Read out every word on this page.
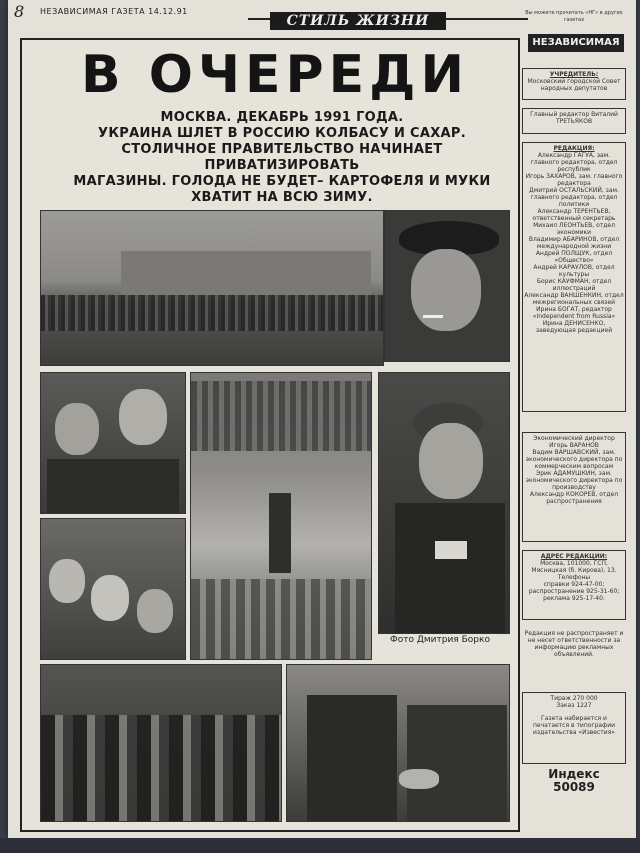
8 НЕЗАВИСИМАЯ ГАЗЕТА 14.12.91
СТИЛЬ ЖИЗНИ	Вы можете прочитать «НГ» в других газетах
В ОЧЕРЕДИ
МОСКВА. ДЕКАБРЬ 1991 ГОДА.
УКРАИНА ШЛЕТ В РОССИЮ КОЛБАСУ И САХАР.
СТОЛИЧНОЕ ПРАВИТЕЛЬСТВО НАЧИНАЕТ ПРИВАТИЗИРОВАТЬ
МАГАЗИНЫ. ГОЛОДА НЕ БУДЕТ– КАРТОФЕЛЯ И МУКИ
ХВАТИТ НА ВСЮ ЗИМУ.
Фото Дмитрия Борко
НЕЗАВИСИМАЯ
УЧРЕДИТЕЛЬ:
Московский городской Совет народных депутатов
Главный редактор Виталий ТРЕТЬЯКОВ
РЕДАКЦИЯ:
Александр ГАГУА, зам. главного редактора, отдел республик
Игорь ЗАХАРОВ, зам. главного редактора
Дмитрий ОСТАЛЬСКИЙ, зам. главного редактора, отдел политики
Александр ТЕРЕНТЬЕВ, ответственный секретарь
Михаил ЛЕОНТЬЕВ, отдел экономики
Владимир АБАРИНОВ, отдел международной жизни
Андрей ПОЛЩУК, отдел «Общество»
Андрей КАРАУЛОВ, отдел культуры
Борис КАУФМАН, отдел иллюстраций
Александр ВАНШЕНКИН, отдел межрегиональных связей
Ирина БОГАТ, редактор «Independent from Russia»
Ирина ДЕНИСЕНКО, заведующая редакцией
Экономический директор Игорь ВАРАНОВ
Вадим ВАРШАВСКИЙ, зам. экономического директора по коммерческим вопросам
Эрик АДАМУШКИН, зам. экономического директора по производству
Александр КОКОРЕВ, отдел распространения
АДРЕС РЕДАКЦИИ:
Москва, 101000, ГСП, Мясницкая (б. Кирова), 13.
Телефоны
справки 924-47-00;
распространение 925-31-60;
реклама 925-17-40.
Редакция не распространяет и не несет ответственности за информацию рекламных объявлений.
Тираж 270 000
Заказ 1227
Газета набирается и печатается в типографии издательства «Известия»
Индекс
50089
